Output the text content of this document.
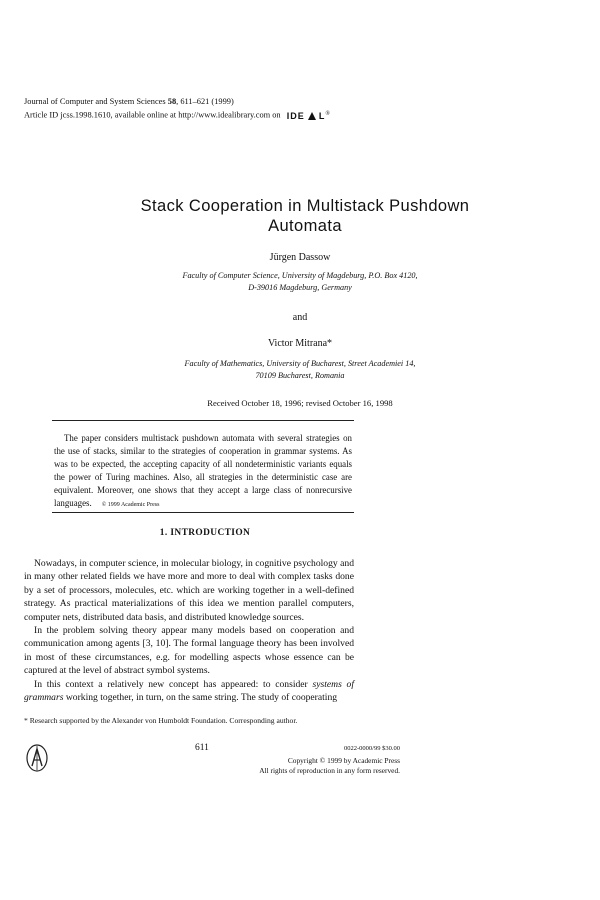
Journal of Computer and System Sciences 58, 611–621 (1999)
Article ID jcss.1998.1610, available online at http://www.idealibrary.com on IDE L®
Stack Cooperation in Multistack Pushdown
Automata
Jürgen Dassow
Faculty of Computer Science, University of Magdeburg, P.O. Box 4120,
D-39016 Magdeburg, Germany
and
Victor Mitrana*
Faculty of Mathematics, University of Bucharest, Street Academiei 14,
70109 Bucharest, Romania
Received October 18, 1996; revised October 16, 1998
The paper considers multistack pushdown automata with several strategies on the use of stacks, similar to the strategies of cooperation in grammar systems. As was to be expected, the accepting capacity of all nondeterministic variants equals the power of Turing machines. Also, all strategies in the deterministic case are equivalent. Moreover, one shows that they accept a large class of nonrecursive languages. © 1999 Academic Press
1. INTRODUCTION

Nowadays, in computer science, in molecular biology, in cognitive psychology and in many other related fields we have more and more to deal with complex tasks done by a set of processors, molecules, etc. which are working together in a well-defined strategy. As practical materializations of this idea we mention parallel computers, computer nets, distributed data basis, and distributed knowledge sources.

In the problem solving theory appear many models based on cooperation and communication among agents [3, 10]. The formal language theory has been involved in most of these circumstances, e.g. for modelling aspects whose essence can be captured at the level of abstract symbol systems.

In this context a relatively new concept has appeared: to consider systems of grammars working together, in turn, on the same string. The study of cooperating

* Research supported by the Alexander von Humboldt Foundation. Corresponding author.
611	0022-0000/99 $30.00
Copyright © 1999 by Academic Press
All rights of reproduction in any form reserved.
